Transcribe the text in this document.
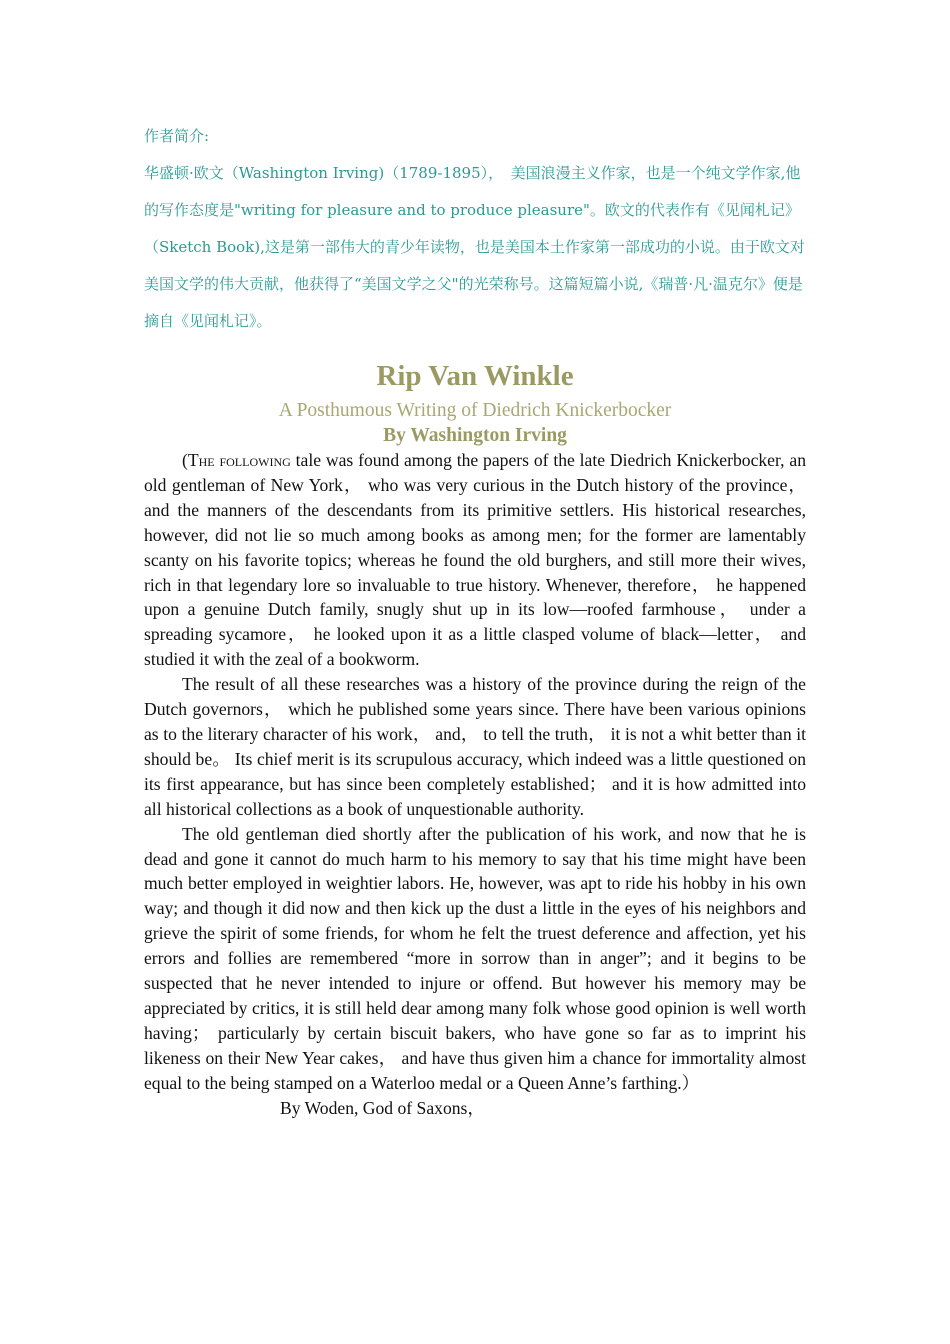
作者简介:

华盛顿·欧文（Washington Irving)（1789-1895），　美国浪漫主义作家，也是一个纯文学作家,他的写作态度是"writing for pleasure and to produce pleasure"。欧文的代表作有《见闻札记》（Sketch Book),这是第一部伟大的青少年读物，也是美国本土作家第一部成功的小说。由于欧文对美国文学的伟大贡献，他获得了“美国文学之父"的光荣称号。这篇短篇小说,《瑞普·凡·温克尔》便是摘自《见闻札记》。

Rip Van Winkle
A Posthumous Writing of Diedrich Knickerbocker
By Washington Irving

(The following tale was found among the papers of the late Diedrich Knickerbocker, an old gentleman of New York， who was very curious in the Dutch history of the province， and the manners of the descendants from its primitive settlers. His historical researches, however, did not lie so much among books as among men; for the former are lamentably scanty on his favorite topics; whereas he found the old burghers, and still more their wives, rich in that legendary lore so invaluable to true history. Whenever, therefore， he happened upon a genuine Dutch family, snugly shut up in its low—roofed farmhouse， under a spreading sycamore， he looked upon it as a little clasped volume of black—letter， and studied it with the zeal of a bookworm.

The result of all these researches was a history of the province during the reign of the Dutch governors， which he published some years since. There have been various opinions as to the literary character of his work， and， to tell the truth， it is not a whit better than it should be。 Its chief merit is its scrupulous accuracy, which indeed was a little questioned on its first appearance, but has since been completely established； and it is how admitted into all historical collections as a book of unquestionable authority.

The old gentleman died shortly after the publication of his work, and now that he is dead and gone it cannot do much harm to his memory to say that his time might have been much better employed in weightier labors. He, however, was apt to ride his hobby in his own way; and though it did now and then kick up the dust a little in the eyes of his neighbors and grieve the spirit of some friends, for whom he felt the truest deference and affection, yet his errors and follies are remembered “more in sorrow than in anger”; and it begins to be suspected that he never intended to injure or offend. But however his memory may be appreciated by critics, it is still held dear among many folk whose good opinion is well worth having； particularly by certain biscuit bakers, who have gone so far as to imprint his likeness on their New Year cakes， and have thus given him a chance for immortality almost equal to the being stamped on a Waterloo medal or a Queen Anne’s farthing.）

By Woden, God of Saxons，
